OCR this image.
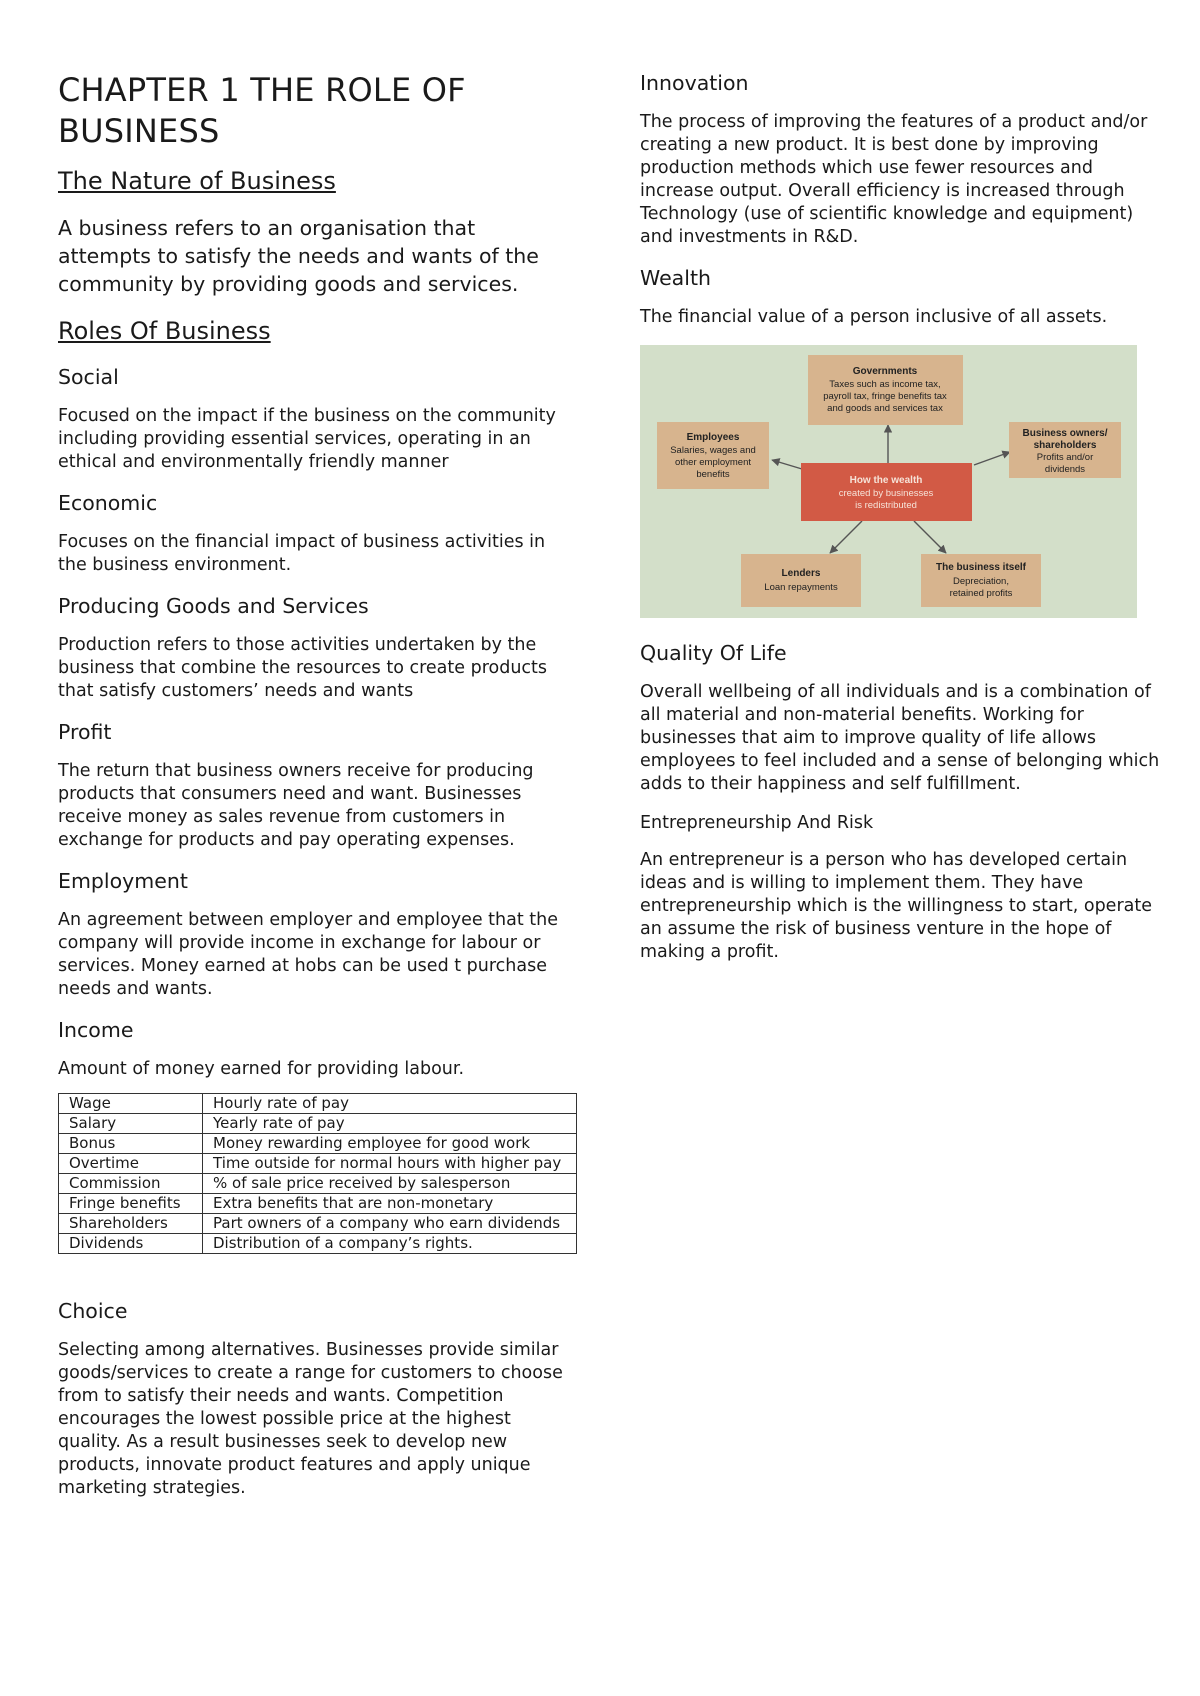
CHAPTER 1 THE ROLE OF BUSINESS
The Nature of Business

A business refers to an organisation that attempts to satisfy the needs and wants of the community by providing goods and services.

Roles Of Business
Social

Focused on the impact if the business on the community including providing essential services, operating in an ethical and environmentally friendly manner

Economic

Focuses on the financial impact of business activities in the business environment.

Producing Goods and Services

Production refers to those activities undertaken by the business that combine the resources to create products that satisfy customers’ needs and wants

Profit

The return that business owners receive for producing products that consumers need and want. Businesses receive money as sales revenue from customers in exchange for products and pay operating expenses.

Employment

An agreement between employer and employee that the company will provide income in exchange for labour or services. Money earned at hobs can be used t purchase needs and wants.

Income

Amount of money earned for providing labour.

Wage	Hourly rate of pay
Salary	Yearly rate of pay
Bonus	Money rewarding employee for good work
Overtime	Time outside for normal hours with higher pay
Commission	% of sale price received by salesperson
Fringe benefits	Extra benefits that are non-monetary
Shareholders	Part owners of a company who earn dividends
Dividends	Distribution of a company’s rights.
Choice

Selecting among alternatives. Businesses provide similar goods/services to create a range for customers to choose from to satisfy their needs and wants. Competition encourages the lowest possible price at the highest quality. As a result businesses seek to develop new products, innovate product features and apply unique marketing strategies.

Innovation

The process of improving the features of a product and/or creating a new product. It is best done by improving production methods which use fewer resources and increase output. Overall efficiency is increased through Technology (use of scientific knowledge and equipment) and investments in R&D.

Wealth

The financial value of a person inclusive of all assets.

Governments
Taxes such as income tax,
payroll tax, fringe benefits tax
and goods and services tax
Employees
Salaries, wages and
other employment
benefits
Business owners/
shareholders
Profits and/or
dividends
How the wealth
created by businesses
is redistributed
Lenders
Loan repayments
The business itself
Depreciation,
retained profits
Quality Of Life

Overall wellbeing of all individuals and is a combination of all material and non-material benefits. Working for businesses that aim to improve quality of life allows employees to feel included and a sense of belonging which adds to their happiness and self fulfillment.

Entrepreneurship And Risk

An entrepreneur is a person who has developed certain ideas and is willing to implement them. They have entrepreneurship which is the willingness to start, operate an assume the risk of business venture in the hope of making a profit.
